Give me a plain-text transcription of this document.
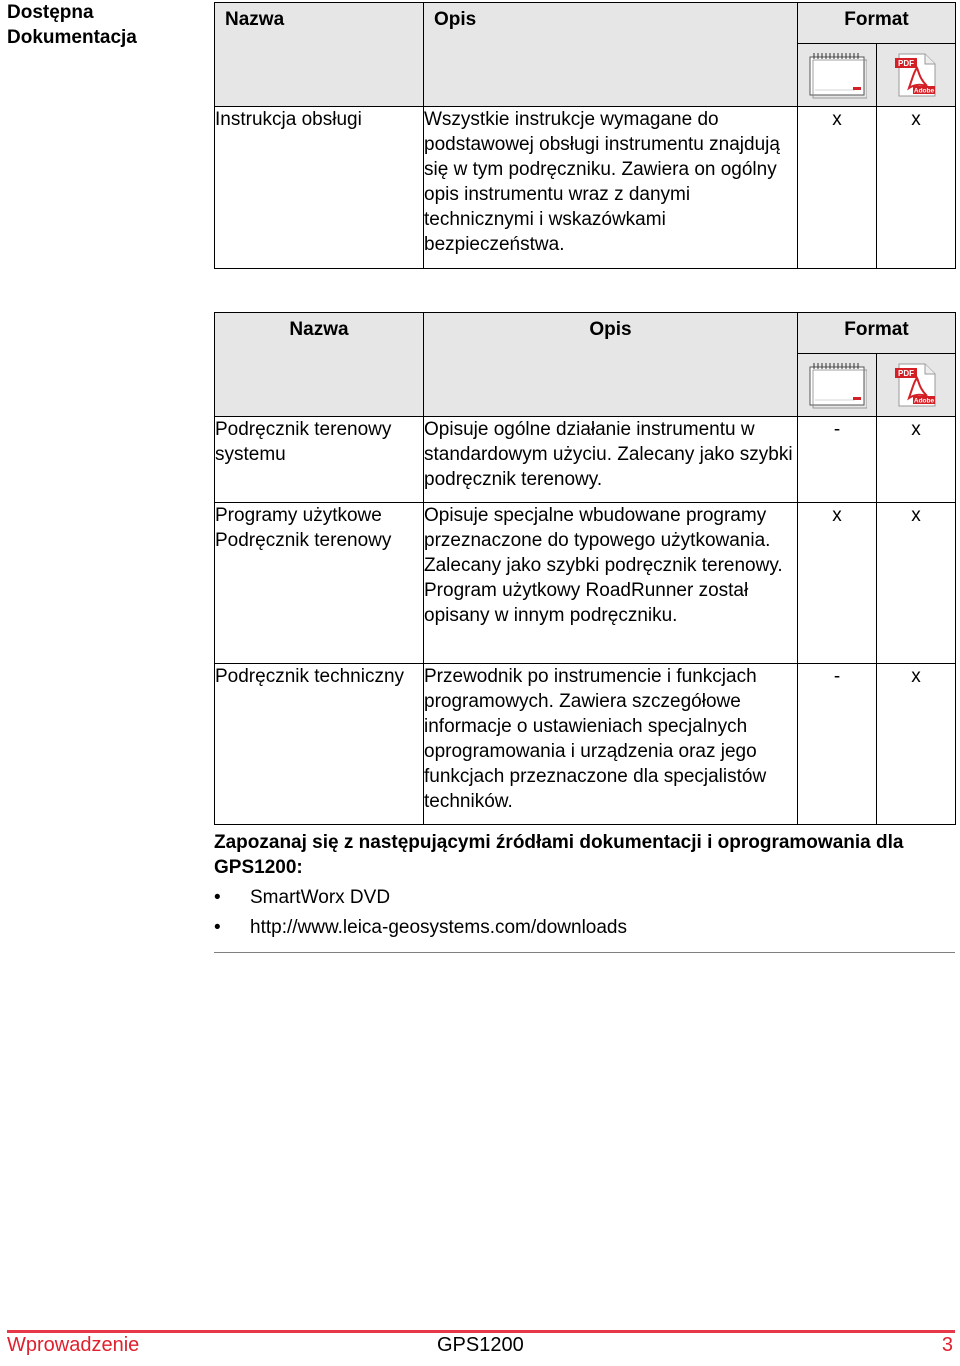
Dostępna
Dokumentacja
Nazwa	Opis	Format	

PDF
Adobe

Instrukcja obsługi	Wszystkie instrukcje wymagane do podstawowej obsługi instrumentu znajdują się w tym podręczniku. Zawiera on ogólny opis instrumentu wraz z danymi technicznymi i wskazówkami bezpieczeństwa.	x	x
Nazwa	Opis	Format	

PDF
Adobe

Podręcznik terenowy systemu	Opisuje ogólne działanie instrumentu w standardowym użyciu. Zalecany jako szybki podręcznik terenowy.	-	x
Programy użytkowe Podręcznik terenowy	Opisuje specjalne wbudowane programy przeznaczone do typowego użytkowania. Zalecany jako szybki podręcznik terenowy. Program użytkowy RoadRunner został opisany w innym podręczniku.	x	x
Podręcznik techniczny	Przewodnik po instrumencie i funkcjach programowych. Zawiera szczegółowe informacje o ustawieniach specjalnych oprogramowania i urządzenia oraz jego funkcjach przeznaczone dla specjalistów techników.	-	x
Zapozanaj się z następującymi źródłami dokumentacji i oprogramowania dla GPS1200:
• SmartWorx DVD
• http://www.leica-geosystems.com/downloads
Wprowadzenie	GPS1200	3
